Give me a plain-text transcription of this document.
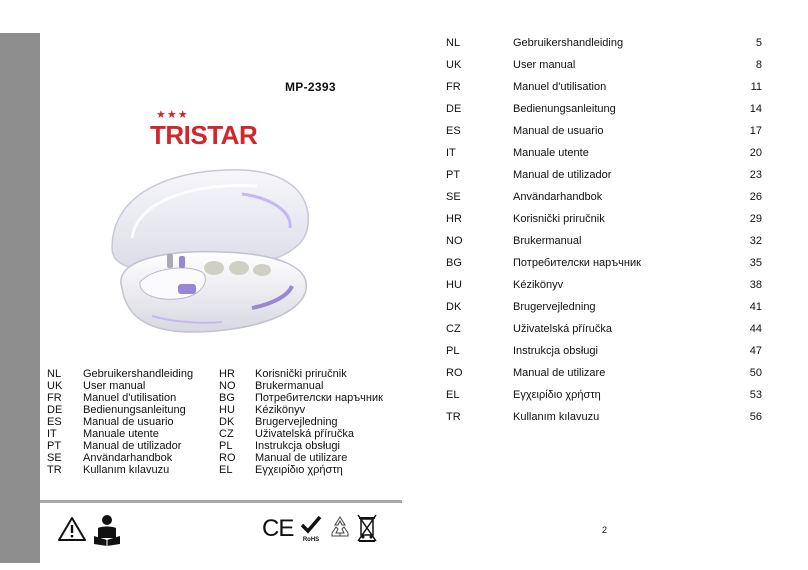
MP-2393
★★★
TRISTAR
NL	Gebruikershandleiding
UK	User manual
FR	Manuel d'utilisation
DE	Bedienungsanleitung
ES	Manual de usuario
IT	Manuale utente
PT	Manual de utilizador
SE	Användarhandbok
TR	Kullanım kılavuzu
HR	Korisnički priručnik
NO	Brukermanual
BG	Потребителски наръчник
HU	Kézikönyv
DK	Brugervejledning
CZ	Uživatelská příručka
PL	Instrukcja obsługi
RO	Manual de utilizare
EL	Εγχειρίδιο χρήστη
CE	RoHS
NL	Gebruikershandleiding	5
UK	User manual	8
FR	Manuel d'utilisation	11
DE	Bedienungsanleitung	14
ES	Manual de usuario	17
IT	Manuale utente	20
PT	Manual de utilizador	23
SE	Användarhandbok	26
HR	Korisnički priručnik	29
NO	Brukermanual	32
BG	Потребителски наръчник	35
HU	Kézikönyv	38
DK	Brugervejledning	41
CZ	Uživatelská příručka	44
PL	Instrukcja obsługi	47
RO	Manual de utilizare	50
EL	Εγχειρίδιο χρήστη	53
TR	Kullanım kılavuzu	56
2
